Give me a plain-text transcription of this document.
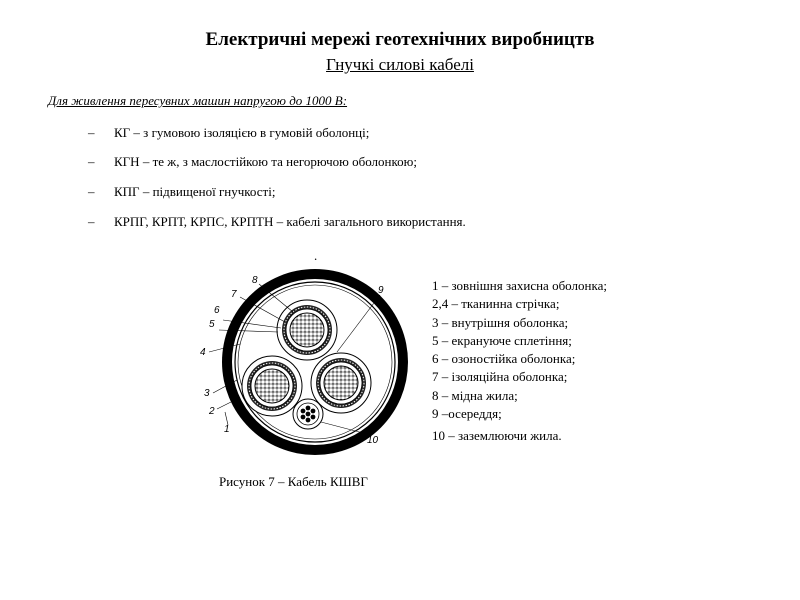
Електричні мережі геотехнічних виробництв
Гнучкі силові кабелі
Для живлення пересувних машин напругою до 1000 В:
– КГ – з гумовою ізоляцією в гумовій оболонці;
– КГН – те ж, з маслостійкою та негорючою оболонкою;
– КПГ – підвищеної гнучкості;
– КРПГ, КРПТ, КРПС, КРПТН – кабелі загального використання.
.
8
7
6
5
4
3
2
1
9
10
1 – зовнішня захисна оболонка;
2,4 – тканинна стрічка;
3 – внутрішня оболонка;
5 – екрануюче сплетіння;
6 – озоностійка оболонка;
7 – ізоляційна оболонка;
8 – мідна жила;
9 –осереддя;
10 – заземлюючи жила.
Рисунок 7 – Кабель КШВГ
